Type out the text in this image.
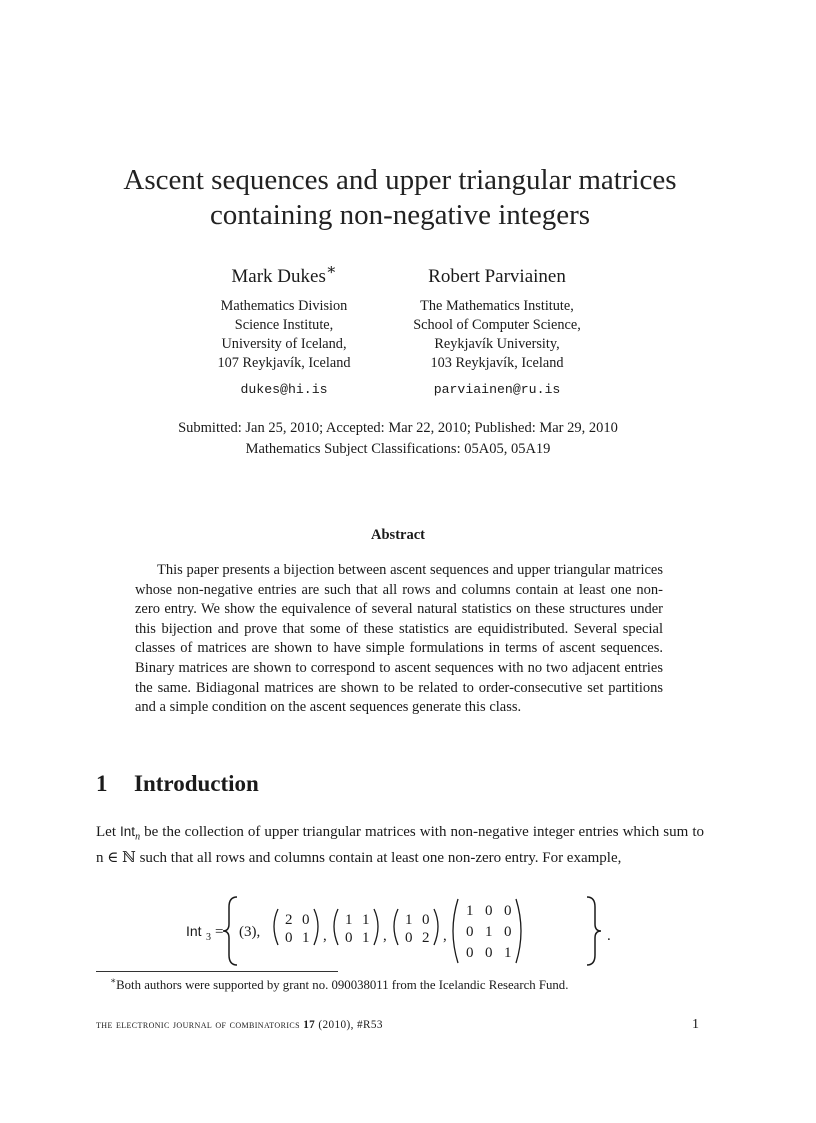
Ascent sequences and upper triangular matrices
containing non-negative integers
Mark Dukes∗
Mathematics Division
Science Institute,
University of Iceland,
107 Reykjavík, Iceland
dukes@hi.is
Robert Parviainen
The Mathematics Institute,
School of Computer Science,
Reykjavík University,
103 Reykjavík, Iceland
parviainen@ru.is
Submitted: Jan 25, 2010; Accepted: Mar 22, 2010; Published: Mar 29, 2010
Mathematics Subject Classifications: 05A05, 05A19
Abstract
This paper presents a bijection between ascent sequences and upper triangular matrices whose non-negative entries are such that all rows and columns contain at least one non-zero entry. We show the equivalence of several natural statistics on these structures under this bijection and prove that some of these statistics are equidistributed. Several special classes of matrices are shown to have simple formulations in terms of ascent sequences. Binary matrices are shown to correspond to ascent sequences with no two adjacent entries the same. Bidiagonal matrices are shown to be related to order-consecutive set partitions and a simple condition on the ascent sequences generate this class.
1 Introduction
Let Int$_n$ be the collection of upper triangular matrices with non-negative integer entries which sum to n ∈ ℕ such that all rows and columns contain at least one non-zero entry. For example,
Int 3 = (3),
2 0
0 1 ,
1 1
0 1 ,
1 0
0 2 ,
1 0 0
0 1 0
0 0 1
.
∗Both authors were supported by grant no. 090038011 from the Icelandic Research Fund.
the electronic journal of combinatorics 17 (2010), #R53	1
